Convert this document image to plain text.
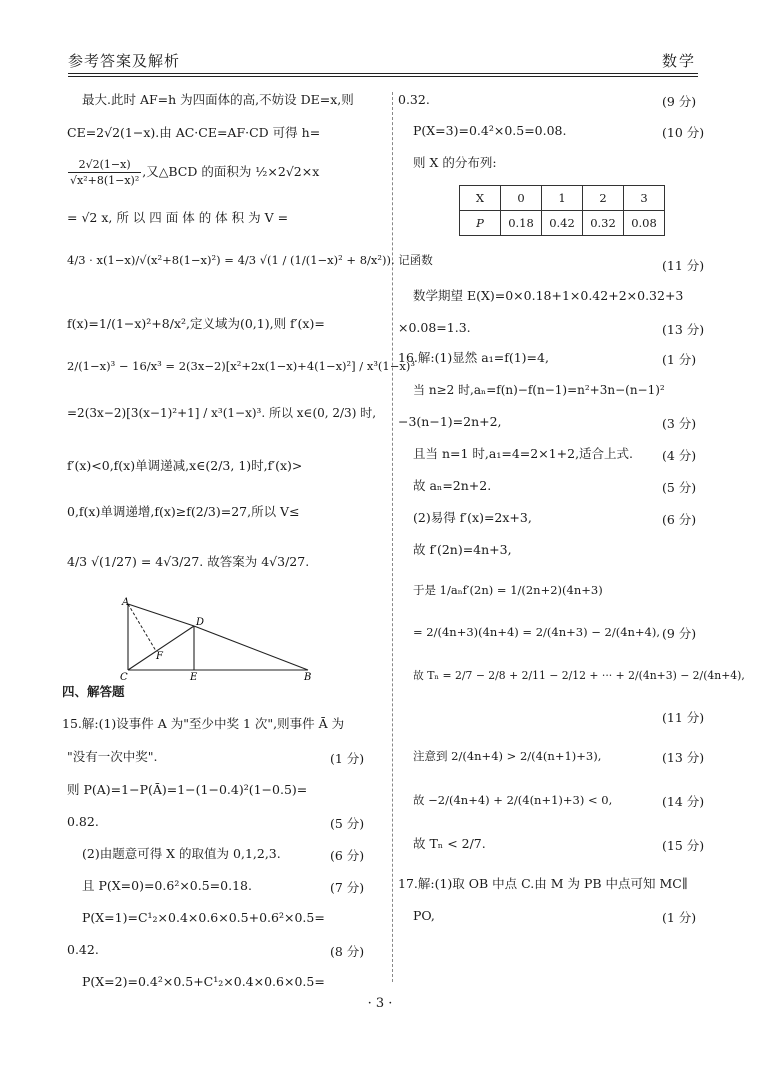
参考答案及解析	数学
最大.此时 AF=h 为四面体的高,不妨设 DE=x,则
CE=2√2(1−x).由 AC·CE=AF·CD 可得 h=
$\frac{2√2(1-x)}{\text{√x²+8(1−x)²}}$ ,又△BCD 的面积为 ½×2√2×x
= √2 x, 所 以 四 面 体 的 体 积 为 V =
4/3 · x(1−x)/√(x²+8(1−x)²) = 4/3 √(1 / (1/(1−x)² + 8/x²)). 记函数
f(x)=1/(1−x)²+8/x²,定义域为(0,1),则 f′(x)=
2/(1−x)³ − 16/x³ = 2(3x−2)[x²+2x(1−x)+4(1−x)²] / x³(1−x)³
=2(3x−2)[3(x−1)²+1] / x³(1−x)³. 所以 x∈(0, 2/3) 时,
f′(x)<0,f(x)单调递减,x∈(2/3, 1)时,f′(x)>
0,f(x)单调递增,f(x)≥f(2/3)=27,所以 V≤
4/3 √(1/27) = 4√3/27. 故答案为 4√3/27.
A
D
C	E	B
F
四、解答题
15.解:(1)设事件 A 为"至少中奖 1 次",则事件 Ā 为
"没有一次中奖".	(1 分)
则 P(A)=1−P(Ā)=1−(1−0.4)²(1−0.5)=
0.82.	(5 分)
(2)由题意可得 X 的取值为 0,1,2,3.	(6 分)
且 P(X=0)=0.6²×0.5=0.18.	(7 分)
P(X=1)=C¹₂×0.4×0.6×0.5+0.6²×0.5=
0.42.	(8 分)
P(X=2)=0.4²×0.5+C¹₂×0.4×0.6×0.5=
0.32.	(9 分)
P(X=3)=0.4²×0.5=0.08.	(10 分)
则 X 的分布列:
X	0	1	2	3
P	0.18	0.42	0.32	0.08
(11 分)
数学期望 E(X)=0×0.18+1×0.42+2×0.32+3
×0.08=1.3.	(13 分)
16.解:(1)显然 a₁=f(1)=4,	(1 分)
当 n≥2 时,aₙ=f(n)−f(n−1)=n²+3n−(n−1)²
−3(n−1)=2n+2,	(3 分)
且当 n=1 时,a₁=4=2×1+2,适合上式. (4 分)
故 aₙ=2n+2.	(5 分)
(2)易得 f′(x)=2x+3,	(6 分)
故 f′(2n)=4n+3,
于是 1/aₙf′(2n) = 1/(2n+2)(4n+3)
= 2/(4n+3)(4n+4) = 2/(4n+3) − 2/(4n+4), (9 分)
故 Tₙ = 2/7 − 2/8 + 2/11 − 2/12 + ··· + 2/(4n+3) − 2/(4n+4),
(11 分)
注意到 2/(4n+4) > 2/(4(n+1)+3),	(13 分)
故 −2/(4n+4) + 2/(4(n+1)+3) < 0,	(14 分)
故 Tₙ < 2/7.	(15 分)
17.解:(1)取 OB 中点 C.由 M 为 PB 中点可知 MC∥
PO,	(1 分)
· 3 ·
